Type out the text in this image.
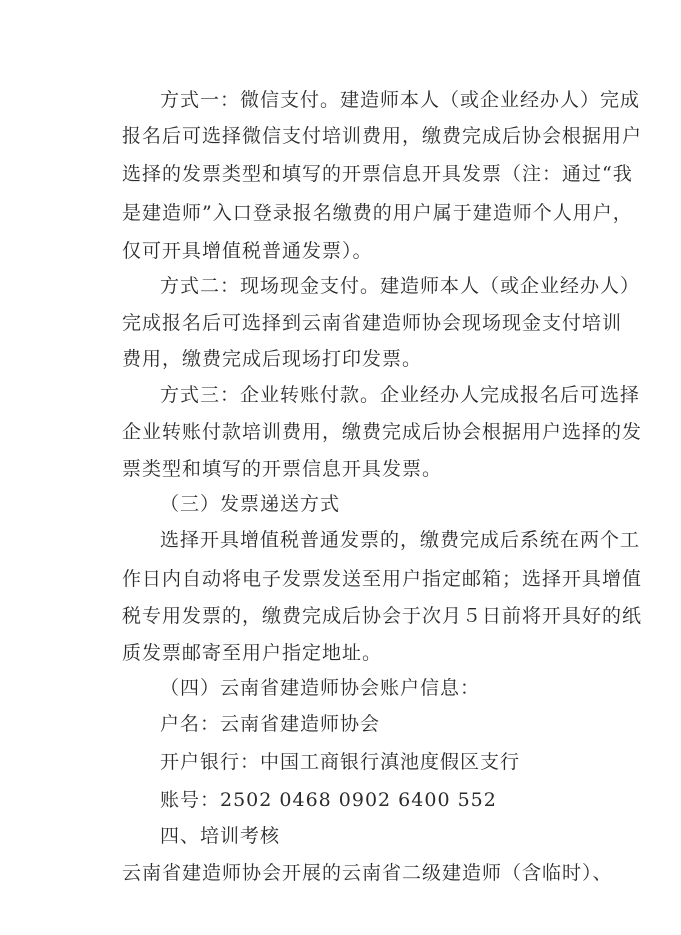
方式一：微信支付。建造师本人（或企业经办人）完成
报名后可选择微信支付培训费用，缴费完成后协会根据用户
选择的发票类型和填写的开票信息开具发票（注：通过“我
是建造师”入口登录报名缴费的用户属于建造师个人用户，
仅可开具增值税普通发票）。
方式二：现场现金支付。建造师本人（或企业经办人）
完成报名后可选择到云南省建造师协会现场现金支付培训
费用，缴费完成后现场打印发票。
方式三：企业转账付款。企业经办人完成报名后可选择
企业转账付款培训费用，缴费完成后协会根据用户选择的发
票类型和填写的开票信息开具发票。
（三）发票递送方式
选择开具增值税普通发票的，缴费完成后系统在两个工
作日内自动将电子发票发送至用户指定邮箱；选择开具增值
税专用发票的，缴费完成后协会于次月５日前将开具好的纸
质发票邮寄至用户指定地址。
（四）云南省建造师协会账户信息：
户名：云南省建造师协会
开户银行：中国工商银行滇池度假区支行
账号：2502 0468 0902 6400 552
四、培训考核
云南省建造师协会开展的云南省二级建造师（含临时）、
